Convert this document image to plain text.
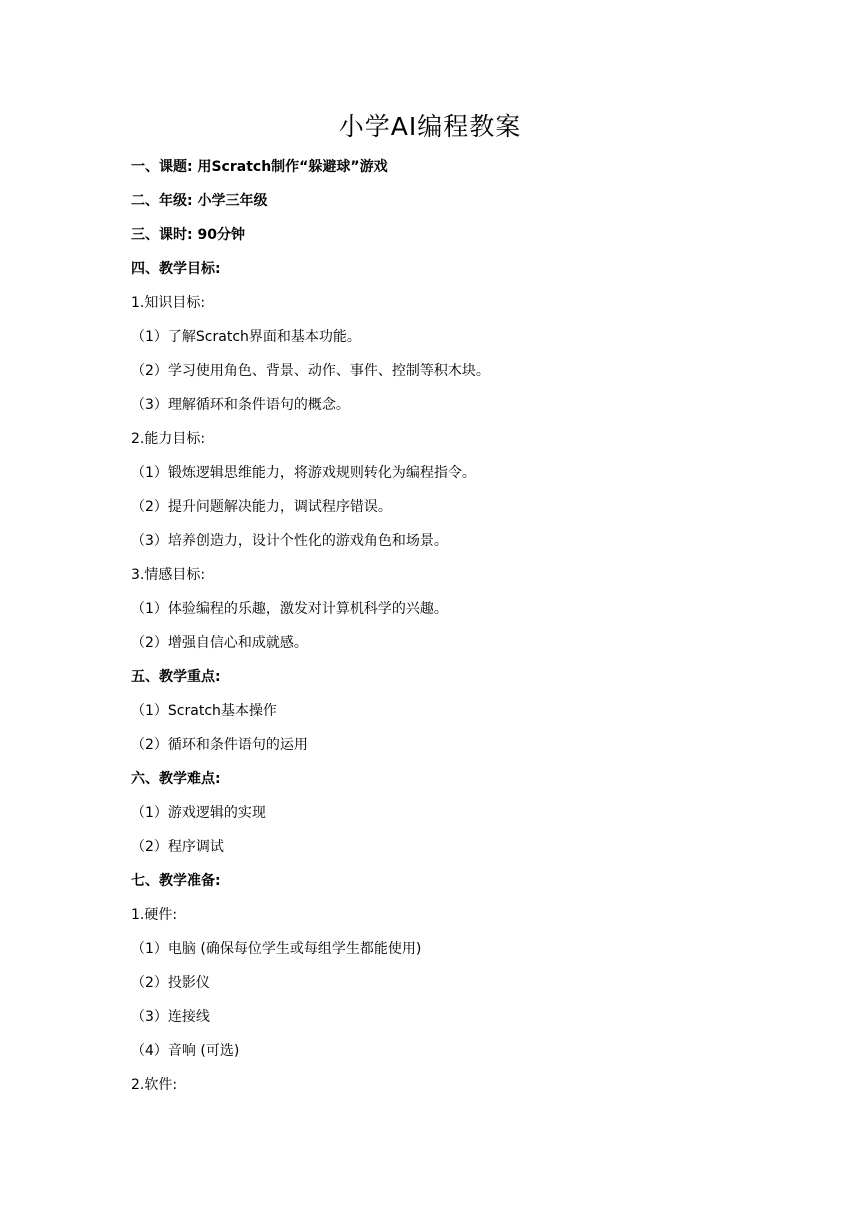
小学AI编程教案
一、课题: 用Scratch制作“躲避球”游戏
二、年级: 小学三年级
三、课时: 90分钟
四、教学目标:
1.知识目标:
（1）了解Scratch界面和基本功能。
（2）学习使用角色、背景、动作、事件、控制等积木块。
（3）理解循环和条件语句的概念。
2.能力目标:
（1）锻炼逻辑思维能力，将游戏规则转化为编程指令。
（2）提升问题解决能力，调试程序错误。
（3）培养创造力，设计个性化的游戏角色和场景。
3.情感目标:
（1）体验编程的乐趣，激发对计算机科学的兴趣。
（2）增强自信心和成就感。
五、教学重点:
（1）Scratch基本操作
（2）循环和条件语句的运用
六、教学难点:
（1）游戏逻辑的实现
（2）程序调试
七、教学准备:
1.硬件:
（1）电脑 (确保每位学生或每组学生都能使用)
（2）投影仪
（3）连接线
（4）音响 (可选)
2.软件:
